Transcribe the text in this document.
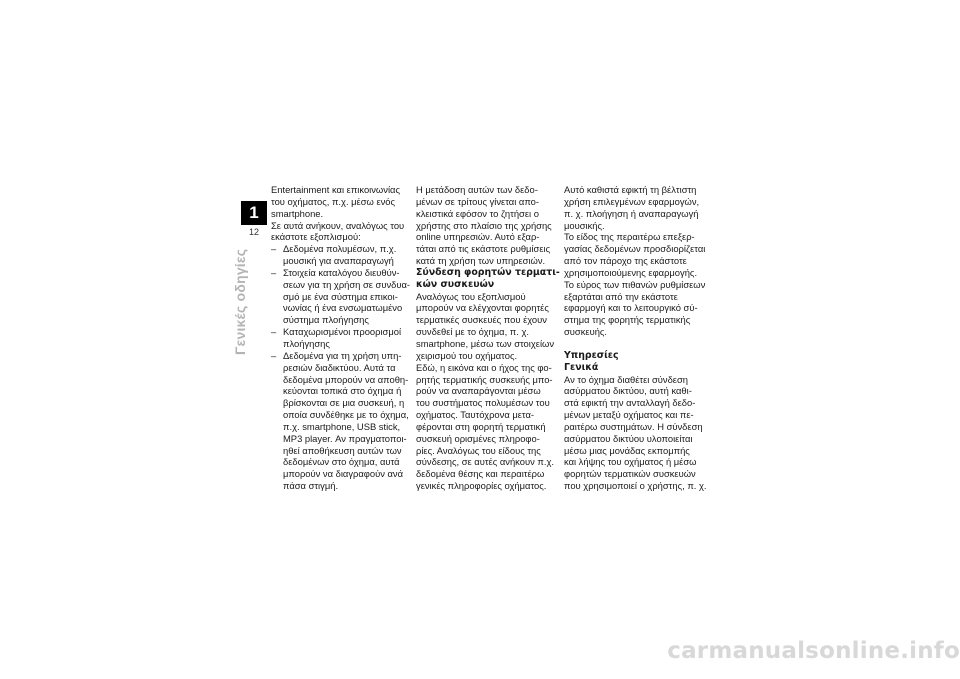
1
12
Γενικές οδηγίες

Entertainment και επικοινωνίας

του οχήματος, π.χ. μέσω ενός

smartphone.

Σε αυτά ανήκουν, αναλόγως του

εκάστοτε εξοπλισμού:

– Δεδομένα πολυμέσων, π.χ.

μουσική για αναπαραγωγή

– Στοιχεία καταλόγου διευθύν-

σεων για τη χρήση σε συνδυα-

σμό με ένα σύστημα επικοι-

νωνίας ή ένα ενσωματωμένο

σύστημα πλοήγησης

– Καταχωρισμένοι προορισμοί

πλοήγησης

– Δεδομένα για τη χρήση υπη-

ρεσιών διαδικτύου. Αυτά τα

δεδομένα μπορούν να αποθη-

κεύονται τοπικά στο όχημα ή

βρίσκονται σε μια συσκευή, η

οποία συνδέθηκε με το όχημα,

π.χ. smartphone, USB stick,

MP3 player. Αν πραγματοποι-

ηθεί αποθήκευση αυτών των

δεδομένων στο όχημα, αυτά

μπορούν να διαγραφούν ανά

πάσα στιγμή.

Η μετάδοση αυτών των δεδο-

μένων σε τρίτους γίνεται απο-

κλειστικά εφόσον το ζητήσει ο

χρήστης στο πλαίσιο της χρήσης

online υπηρεσιών. Αυτό εξαρ-

τάται από τις εκάστοτε ρυθμίσεις

κατά τη χρήση των υπηρεσιών.

Σύνδεση φορητών τερματι-

κών συσκευών

Αναλόγως του εξοπλισμού

μπορούν να ελέγχονται φορητές

τερματικές συσκευές που έχουν

συνδεθεί με το όχημα, π. χ.

smartphone, μέσω των στοιχείων

χειρισμού του οχήματος.

Εδώ, η εικόνα και ο ήχος της φο-

ρητής τερματικής συσκευής μπο-

ρούν να αναπαράγονται μέσω

του συστήματος πολυμέσων του

οχήματος. Ταυτόχρονα μετα-

φέρονται στη φορητή τερματική

συσκευή ορισμένες πληροφο-

ρίες. Αναλόγως του είδους της

σύνδεσης, σε αυτές ανήκουν π.χ.

δεδομένα θέσης και περαιτέρω

γενικές πληροφορίες οχήματος.

Αυτό καθιστά εφικτή τη βέλτιστη

χρήση επιλεγμένων εφαρμογών,

π. χ. πλοήγηση ή αναπαραγωγή

μουσικής.

Το είδος της περαιτέρω επεξερ-

γασίας δεδομένων προσδιορίζεται

από τον πάροχο της εκάστοτε

χρησιμοποιούμενης εφαρμογής.

Το εύρος των πιθανών ρυθμίσεων

εξαρτάται από την εκάστοτε

εφαρμογή και το λειτουργικό σύ-

στημα της φορητής τερματικής

συσκευής.

Υπηρεσίες

Γενικά

Αν το όχημα διαθέτει σύνδεση

ασύρματου δικτύου, αυτή καθι-

στά εφικτή την ανταλλαγή δεδο-

μένων μεταξύ οχήματος και πε-

ραιτέρω συστημάτων. Η σύνδεση

ασύρματου δικτύου υλοποιείται

μέσω μιας μονάδας εκπομπής

και λήψης του οχήματος ή μέσω

φορητών τερματικών συσκευών

που χρησιμοποιεί ο χρήστης, π. χ.

carmanualsonline.info
